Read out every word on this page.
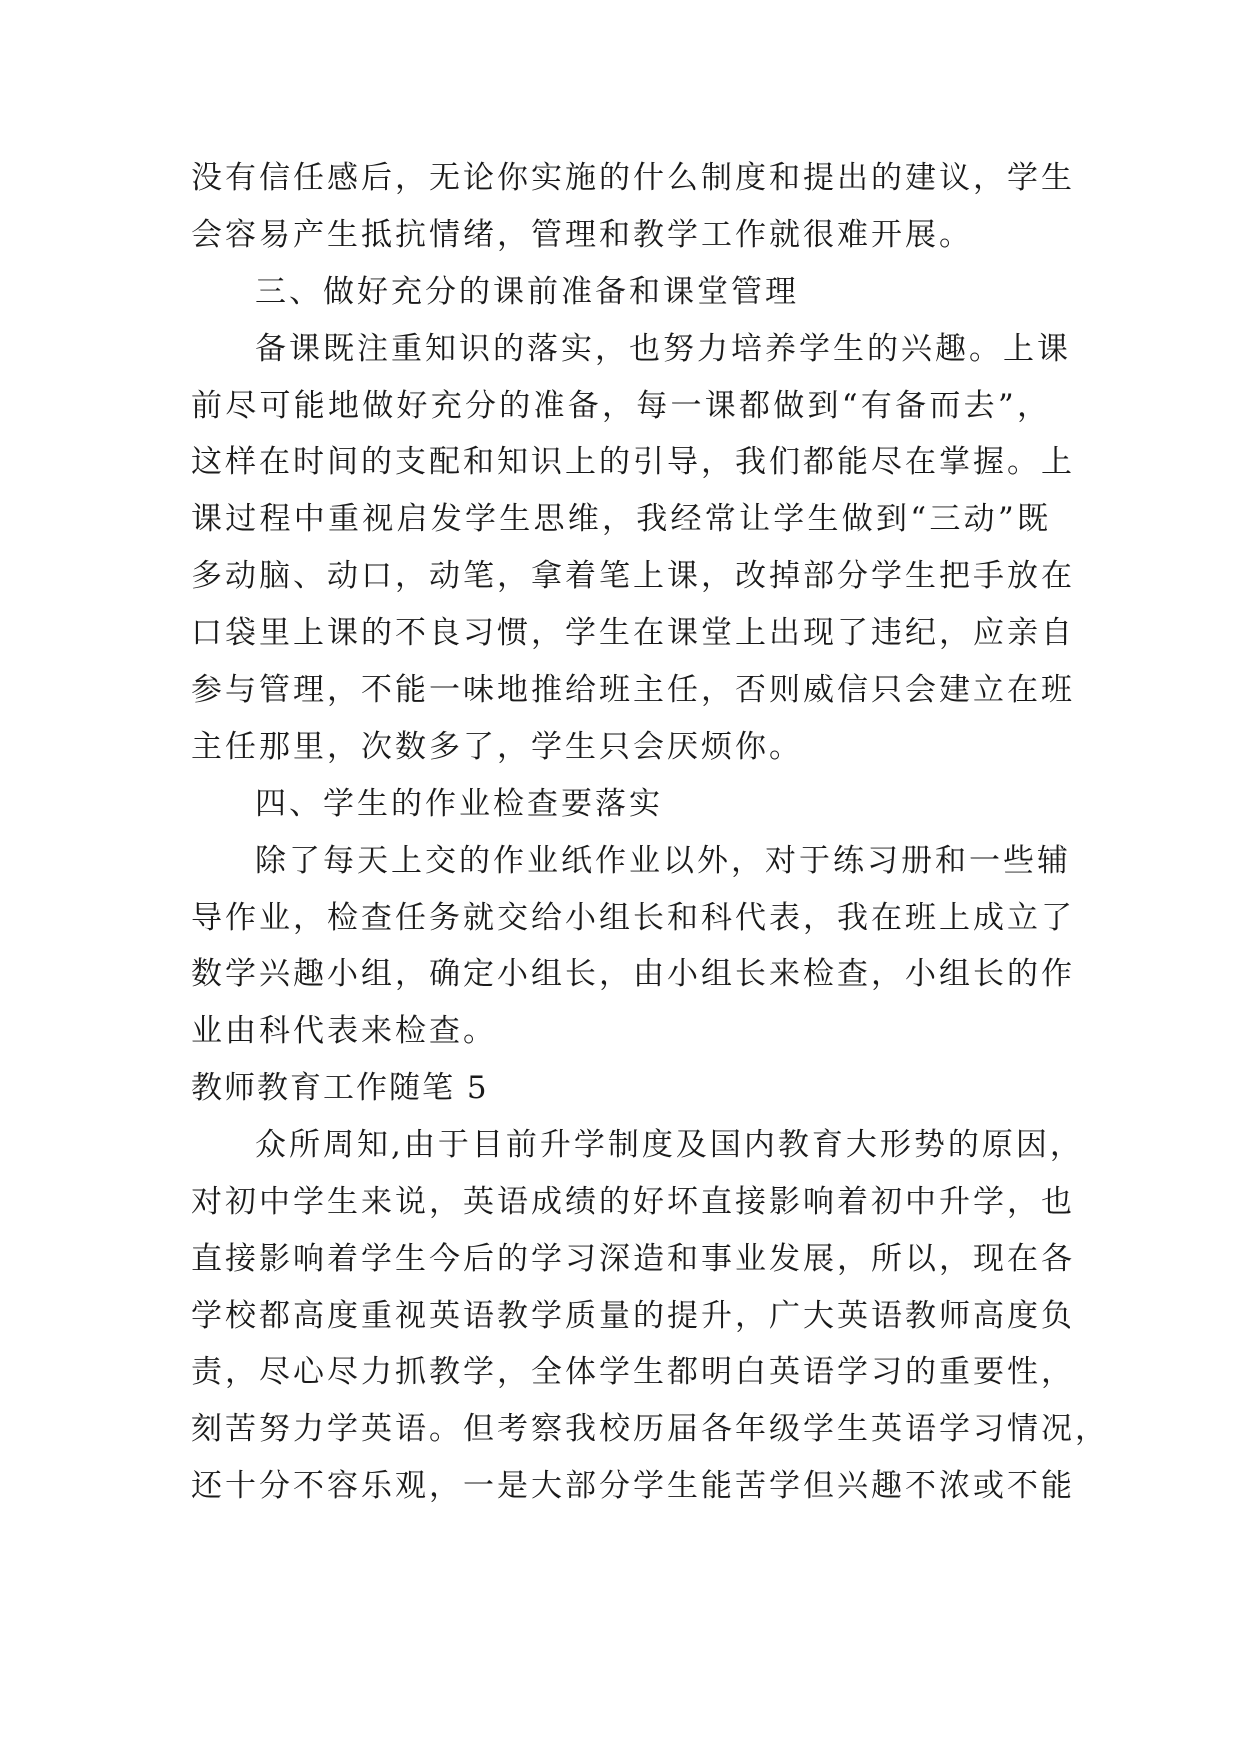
没有信任感后，无论你实施的什么制度和提出的建议，学生
会容易产生抵抗情绪，管理和教学工作就很难开展。
三、做好充分的课前准备和课堂管理
备课既注重知识的落实，也努力培养学生的兴趣。上课
前尽可能地做好充分的准备，每一课都做到“有备而去”，
这样在时间的支配和知识上的引导，我们都能尽在掌握。上
课过程中重视启发学生思维，我经常让学生做到“三动”既
多动脑、动口，动笔，拿着笔上课，改掉部分学生把手放在
口袋里上课的不良习惯，学生在课堂上出现了违纪，应亲自
参与管理，不能一味地推给班主任，否则威信只会建立在班
主任那里，次数多了，学生只会厌烦你。
四、学生的作业检查要落实
除了每天上交的作业纸作业以外，对于练习册和一些辅
导作业，检查任务就交给小组长和科代表，我在班上成立了
数学兴趣小组，确定小组长，由小组长来检查，小组长的作
业由科代表来检查。
教师教育工作随笔 5
众所周知,由于目前升学制度及国内教育大形势的原因，
对初中学生来说，英语成绩的好坏直接影响着初中升学，也
直接影响着学生今后的学习深造和事业发展，所以，现在各
学校都高度重视英语教学质量的提升，广大英语教师高度负
责，尽心尽力抓教学，全体学生都明白英语学习的重要性，
刻苦努力学英语。但考察我校历届各年级学生英语学习情况，
还十分不容乐观，一是大部分学生能苦学但兴趣不浓或不能
